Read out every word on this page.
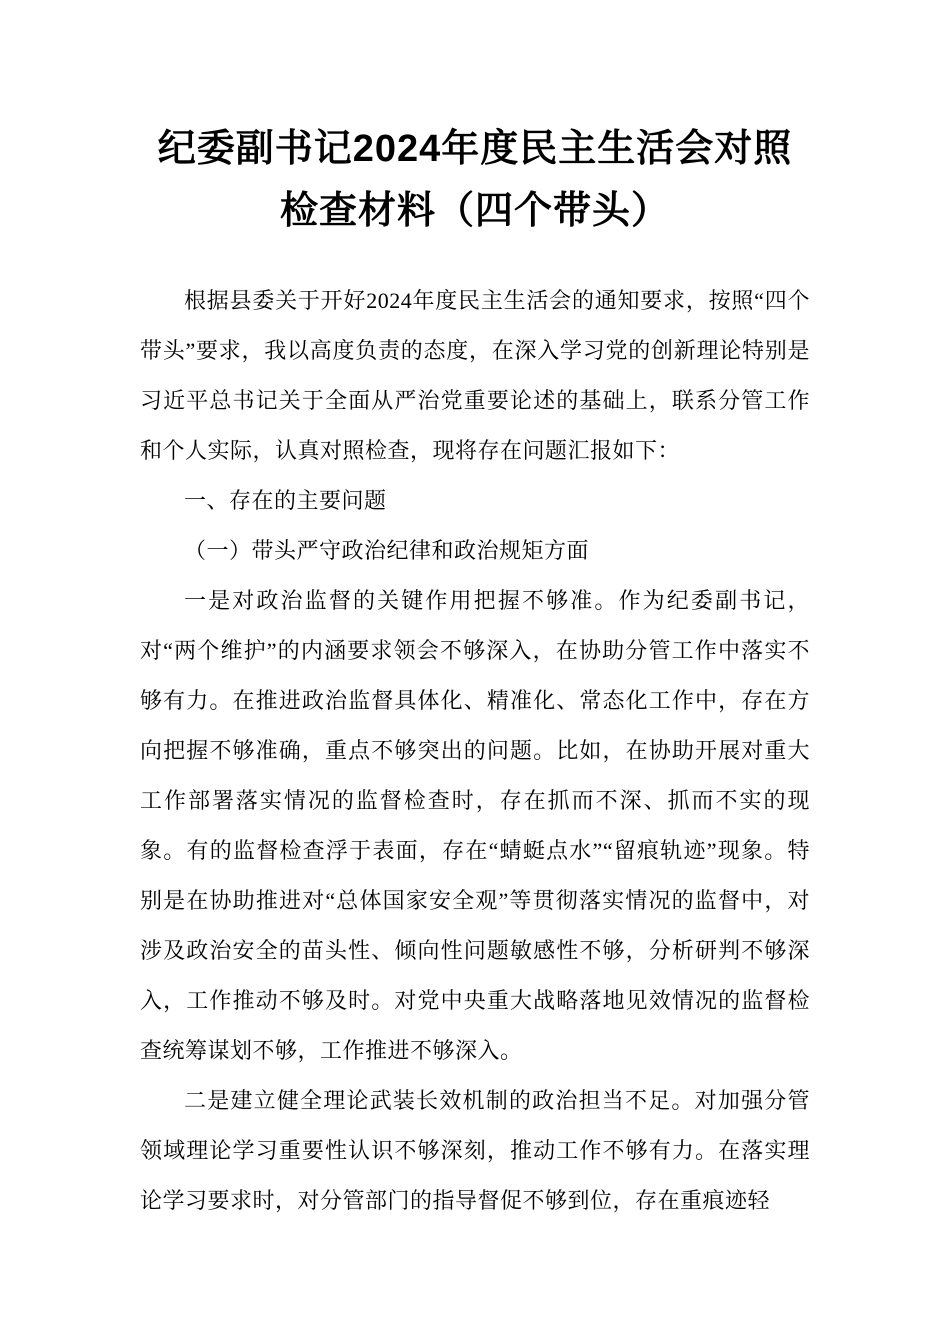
纪委副书记2024年度民主生活会对照检查材料（四个带头）

根据县委关于开好2024年度民主生活会的通知要求，按照“四个带头”要求，我以高度负责的态度，在深入学习党的创新理论特别是习近平总书记关于全面从严治党重要论述的基础上，联系分管工作和个人实际，认真对照检查，现将存在问题汇报如下：

一、存在的主要问题

（一）带头严守政治纪律和政治规矩方面

一是对政治监督的关键作用把握不够准。作为纪委副书记，对“两个维护”的内涵要求领会不够深入，在协助分管工作中落实不够有力。在推进政治监督具体化、精准化、常态化工作中，存在方向把握不够准确，重点不够突出的问题。比如，在协助开展对重大工作部署落实情况的监督检查时，存在抓而不深、抓而不实的现象。有的监督检查浮于表面，存在“蜻蜓点水”“留痕轨迹”现象。特别是在协助推进对“总体国家安全观”等贯彻落实情况的监督中，对涉及政治安全的苗头性、倾向性问题敏感性不够，分析研判不够深入，工作推动不够及时。对党中央重大战略落地见效情况的监督检查统筹谋划不够，工作推进不够深入。

二是建立健全理论武装长效机制的政治担当不足。对加强分管领域理论学习重要性认识不够深刻，推动工作不够有力。在落实理论学习要求时，对分管部门的指导督促不够到位，存在重痕迹轻
